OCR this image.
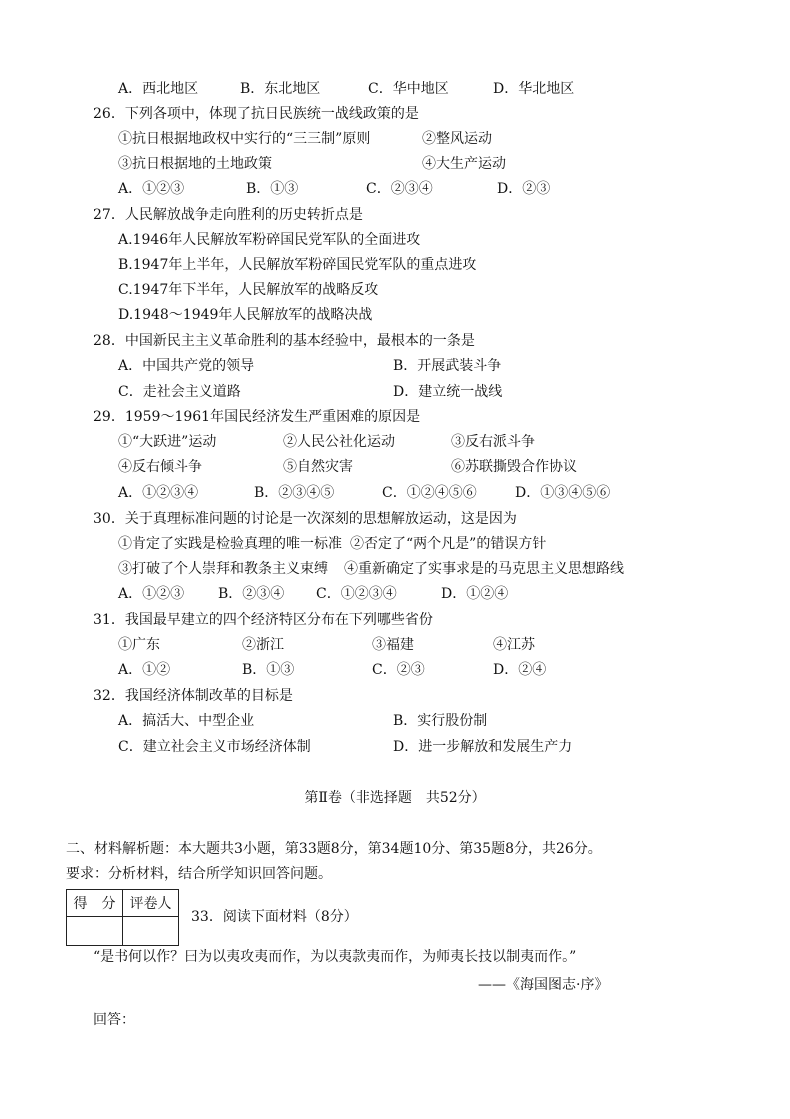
A．西北地区	B．东北地区	C．华中地区	D．华北地区
26．下列各项中，体现了抗日民族统一战线政策的是
①抗日根据地政权中实行的“三三制”原则	②整风运动
③抗日根据地的土地政策	④大生产运动
A．①②③	B．①③	C．②③④	D．②③
27．人民解放战争走向胜利的历史转折点是
A.1946年人民解放军粉碎国民党军队的全面进攻
B.1947年上半年，人民解放军粉碎国民党军队的重点进攻
C.1947年下半年，人民解放军的战略反攻
D.1948～1949年人民解放军的战略决战
28．中国新民主主义革命胜利的基本经验中，最根本的一条是
A．中国共产党的领导	B．开展武装斗争
C．走社会主义道路	D．建立统一战线
29．1959～1961年国民经济发生严重困难的原因是
①“大跃进”运动	②人民公社化运动	③反右派斗争
④反右倾斗争	⑤自然灾害	⑥苏联撕毁合作协议
A．①②③④	B．②③④⑤	C．①②④⑤⑥	D．①③④⑤⑥
30．关于真理标准问题的讨论是一次深刻的思想解放运动，这是因为
①肯定了实践是检验真理的唯一标准 ②否定了“两个凡是”的错误方针
③打破了个人崇拜和教条主义束缚 ④重新确定了实事求是的马克思主义思想路线
A．①②③ B．②③④ C．①②③④	D．①②④
31．我国最早建立的四个经济特区分布在下列哪些省份
①广东	②浙江	③福建	④江苏
A．①②	B．①③	C．②③	D．②④
32．我国经济体制改革的目标是
A．搞活大、中型企业	B．实行股份制
C．建立社会主义市场经济体制	D．进一步解放和发展生产力
第Ⅱ卷（非选择题　共52分）
二、材料解析题：本大题共3小题，第33题8分，第34题10分、第35题8分，共26分。
要求：分析材料，结合所学知识回答问题。
得　分	评卷人

33．阅读下面材料（8分）
“是书何以作？曰为以夷攻夷而作，为以夷款夷而作，为师夷长技以制夷而作。”
——《海国图志·序》
回答：
